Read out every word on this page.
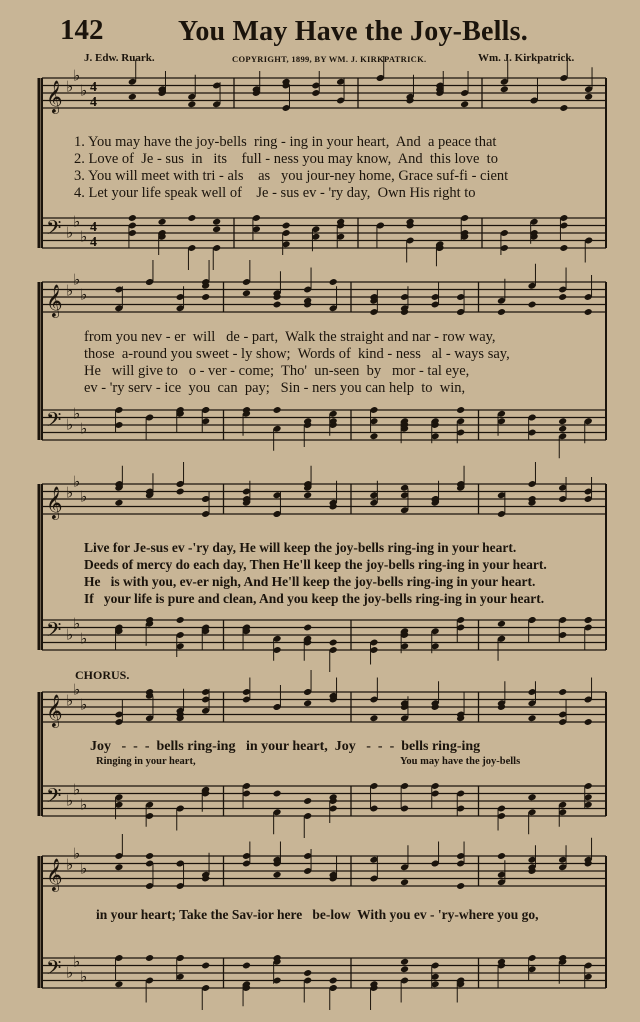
142	You May Have the Joy-Bells.
J. Edw. Ruark.	COPYRIGHT, 1899, BY WM. J. KIRKPATRICK.	Wm. J. Kirkpatrick.
𝄞
𝄢
♭
♭
♭
♭
♭
♭
4
4
4
4
𝄞
𝄢
♭
♭
♭
♭
♭
♭
𝄞
𝄢
♭
♭
♭
♭
♭
♭
𝄞
𝄢
♭
♭
♭
♭
♭
♭
𝄞
𝄢
♭
♭
♭
♭
♭
♭
1. You may have the joy-bells  ring - ing in your heart,  And  a peace that
2. Love of  Je - sus  in   its    full - ness you may know,  And  this love  to
3. You will meet with tri - als    as   you jour-ney home, Grace suf-fi - cient
4. Let your life speak well of    Je - sus ev - 'ry day,  Own His right to
from you nev - er  will   de - part,  Walk the straight and nar - row way,
those  a-round you sweet - ly show;  Words of  kind - ness   al - ways say,
He   will give to   o - ver - come;  Tho'  un-seen  by   mor - tal eye,
ev - 'ry serv - ice  you  can  pay;   Sin - ners you can help  to  win,
Live for Je-sus ev -'ry day, He will keep the joy-bells ring-ing in your heart.
Deeds of mercy do each day, Then He'll keep the joy-bells ring-ing in your heart.
He   is with you, ev-er nigh, And He'll keep the joy-bells ring-ing in your heart.
If   your life is pure and clean, And you keep the joy-bells ring-ing in your heart.
CHORUS.
Joy   -  -  -  bells ring-ing   in your heart,  Joy   -  -  -  bells ring-ing
Ringing in your heart,	You may have the joy-bells
in your heart; Take the Sav-ior here   be-low  With you ev - 'ry-where you go,
